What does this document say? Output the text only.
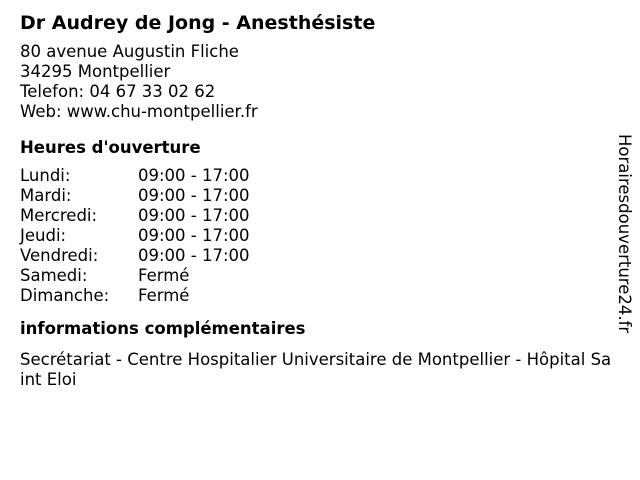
Dr Audrey de Jong - Anesthésiste
80 avenue Augustin Fliche
34295 Montpellier
Telefon: 04 67 33 02 62
Web: www.chu-montpellier.fr
Heures d'ouverture
Lundi:	09:00 - 17:00
Mardi:	09:00 - 17:00
Mercredi:	09:00 - 17:00
Jeudi:	09:00 - 17:00
Vendredi:	09:00 - 17:00
Samedi:	Fermé
Dimanche:	Fermé
informations complémentaires
Secrétariat - Centre Hospitalier Universitaire de Montpellier - Hôpital Saint Eloi
Horairesdouverture24.fr
